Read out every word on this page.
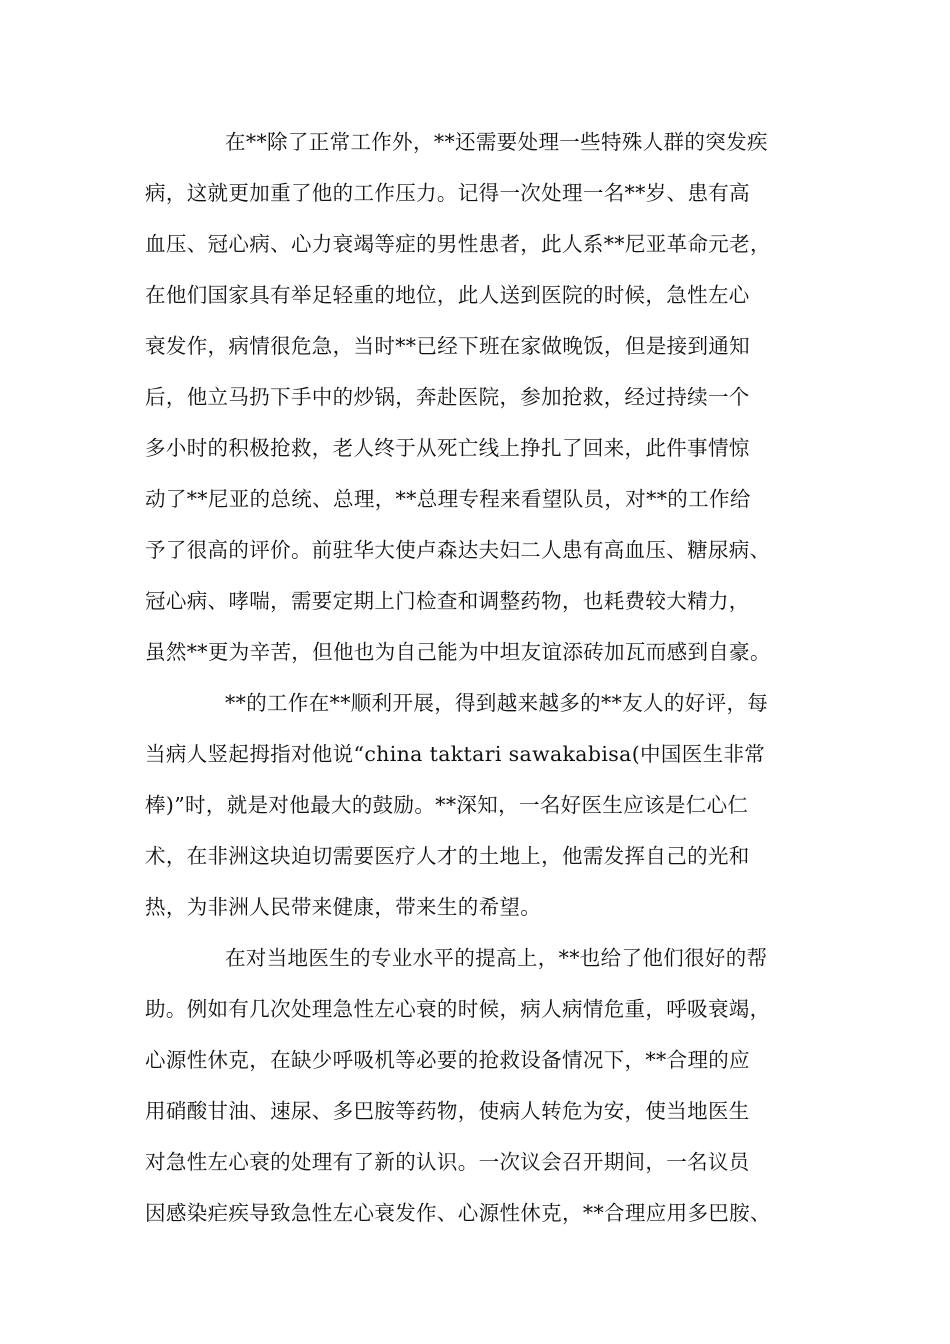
在**除了正常工作外，**还需要处理一些特殊人群的突发疾
病，这就更加重了他的工作压力。记得一次处理一名**岁、患有高
血压、冠心病、心力衰竭等症的男性患者，此人系**尼亚革命元老，
在他们国家具有举足轻重的地位，此人送到医院的时候，急性左心
衰发作，病情很危急，当时**已经下班在家做晚饭，但是接到通知
后，他立马扔下手中的炒锅，奔赴医院，参加抢救，经过持续一个
多小时的积极抢救，老人终于从死亡线上挣扎了回来，此件事情惊
动了**尼亚的总统、总理，**总理专程来看望队员，对**的工作给
予了很高的评价。前驻华大使卢森达夫妇二人患有高血压、糖尿病、
冠心病、哮喘，需要定期上门检查和调整药物，也耗费较大精力，
虽然**更为辛苦，但他也为自己能为中坦友谊添砖加瓦而感到自豪。
**的工作在**顺利开展，得到越来越多的**友人的好评，每
当病人竖起拇指对他说“china taktari sawakabisa(中国医生非常
棒)”时，就是对他最大的鼓励。**深知，一名好医生应该是仁心仁
术，在非洲这块迫切需要医疗人才的土地上，他需发挥自己的光和
热，为非洲人民带来健康，带来生的希望。
在对当地医生的专业水平的提高上，**也给了他们很好的帮
助。例如有几次处理急性左心衰的时候，病人病情危重，呼吸衰竭，
心源性休克，在缺少呼吸机等必要的抢救设备情况下，**合理的应
用硝酸甘油、速尿、多巴胺等药物，使病人转危为安，使当地医生
对急性左心衰的处理有了新的认识。一次议会召开期间，一名议员
因感染疟疾导致急性左心衰发作、心源性休克，**合理应用多巴胺、
